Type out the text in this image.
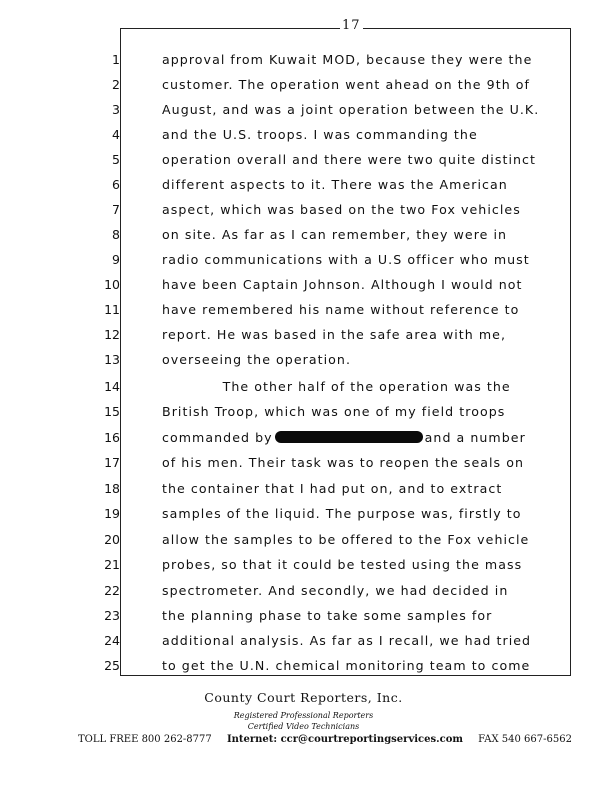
17
1	approval from Kuwait MOD, because they were the
2	customer. The operation went ahead on the 9th of
3	August, and was a joint operation between the U.K.
4	and the U.S. troops. I was commanding the
5	operation overall and there were two quite distinct
6	different aspects to it. There was the American
7	aspect, which was based on the two Fox vehicles
8	on site. As far as I can remember, they were in
9	radio communications with a U.S officer who must
10	have been Captain Johnson. Although I would not
11	have remembered his name without reference to
12	report. He was based in the safe area with me,
13	overseeing the operation.
14	The other half of the operation was the
15	British Troop, which was one of my field troops
16	commanded by	and a number
17	of his men. Their task was to reopen the seals on
18	the container that I had put on, and to extract
19	samples of the liquid. The purpose was, firstly to
20	allow the samples to be offered to the Fox vehicle
21	probes, so that it could be tested using the mass
22	spectrometer. And secondly, we had decided in
23	the planning phase to take some samples for
24	additional analysis. As far as I recall, we had tried
25	to get the U.N. chemical monitoring team to come
County Court Reporters, Inc.
Registered Professional Reporters
Certified Video Technicians
TOLL FREE 800 262-8777 Internet: ccr@courtreportingservices.com FAX 540 667-6562
